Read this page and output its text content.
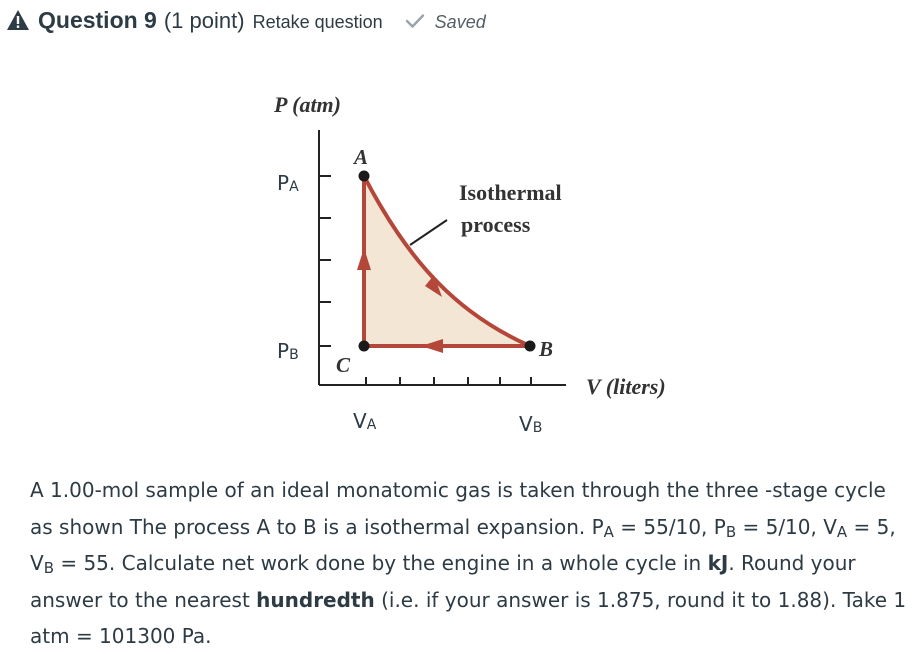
Question 9 (1 point) Retake question	Saved
P (atm)
V (liters)
PA
PB
VA	VB
A
B
C
Isothermal
process

A 1.00-mol sample of an ideal monatomic gas is taken through the three -stage cycle as shown The process A to B is a isothermal expansion. $P_A = 55/10$, $P_B = 5/10$, $V_A = 5$, $V_B = 55$. Calculate net work done by the engine in a whole cycle in kJ. Round your answer to the nearest hundredth (i.e. if your answer is 1.875, round it to 1.88). Take 1 atm = 101300 Pa.
